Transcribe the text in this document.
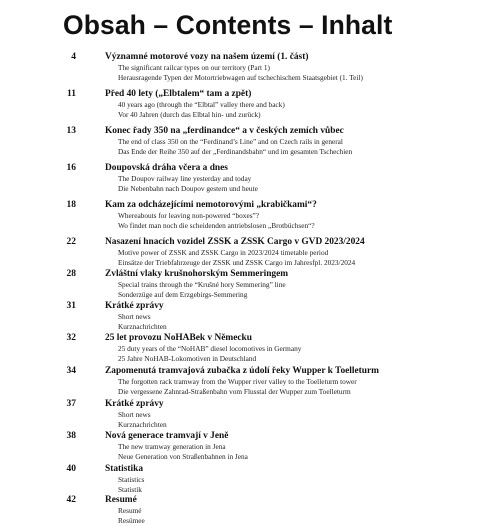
Obsah – Contents – Inhalt
4	Významné motorové vozy na našem území (1. část)
The significant railcar types on our territory (Part 1)
Herausragende Typen der Motortriebwagen auf tschechischem Staatsgebiet (1. Teil)
11	Před 40 lety („Elbtalem“ tam a zpět)
40 years ago (through the “Elbtal” valley there and back)
Vor 40 Jahren (durch das Elbtal hin- und zurück)
13	Konec řady 350 na „ferdinandce“ a v českých zemích vůbec
The end of class 350 on the “Ferdinand’s Line” and on Czech rails in general
Das Ende der Reihe 350 auf der „Ferdinandsbahn“ und im gesamten Tschechien
16	Doupovská dráha včera a dnes
The Doupov railway line yesterday and today
Die Nebenbahn nach Doupov gestern und heute
18	Kam za odcházejícími nemotorovými „krabičkami“?
Whereabouts for leaving non-powered “boxes”?
Wo findet man noch die scheidenden antriebslosen „Brotbüchsen“?
22	Nasazení hnacích vozidel ZSSK a ZSSK Cargo v GVD 2023/2024
Motive power of ZSSK and ZSSK Cargo in 2023/2024 timetable period
Einsätze der Triebfahrzeuge der ZSSK und ZSSK Cargo im Jahresfpl. 2023/2024
28	Zvláštní vlaky krušnohorským Semmeringem
Special trains through the “Krušné hory Semmering” line
Sonderzüge auf dem Erzgebirgs-Semmering
31	Krátké zprávy
Short news
Kurznachrichten
32	25 let provozu NoHABek v Německu
25 duty years of the “NoHAB” diesel locomotives in Germany
25 Jahre NoHAB-Lokomotiven in Deutschland
34	Zapomenutá tramvajová zubačka z údolí řeky Wupper k Toelleturm
The forgotten rack tramway from the Wupper river valley to the Toelleturm tower
Die vergessene Zahnrad-Straßenbahn vom Flusstal der Wupper zum Toelleturm
37	Krátké zprávy
Short news
Kurznachrichten
38	Nová generace tramvají v Jeně
The new tramway generation in Jena
Neue Generation von Straßenbahnen in Jena
40	Statistika
Statistics
Statistik
42	Resumé
Resumé
Resümee
